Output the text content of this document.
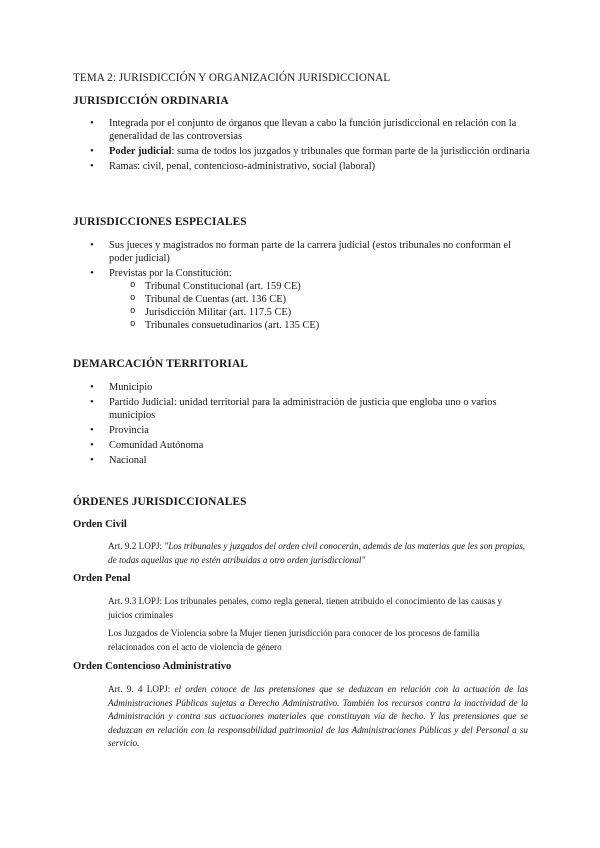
TEMA 2: JURISDICCIÓN Y ORGANIZACIÓN JURISDICCIONAL
JURISDICCIÓN ORDINARIA
• Integrada por el conjunto de órganos que llevan a cabo la función jurisdiccional en relación con la generalidad de las controversias
• Poder judicial: suma de todos los juzgados y tribunales que forman parte de la jurisdicción ordinaria
• Ramas: civil, penal, contencioso-administrativo, social (laboral)
JURISDICCIONES ESPECIALES
• Sus jueces y magistrados no forman parte de la carrera judicial (estos tribunales no conforman el poder judicial)
• Previstas por la Constitución:
o Tribunal Constitucional (art. 159 CE)
o Tribunal de Cuentas (art. 136 CE)
o Jurisdicción Militar (art. 117.5 CE)
o Tribunales consuetudinarios (art. 135 CE)
DEMARCACIÓN TERRITORIAL
• Municipio
• Partido Judicial: unidad territorial para la administración de justicia que engloba uno o varios municipios
• Provincia
• Comunidad Autónoma
• Nacional
ÓRDENES JURISDICCIONALES
Orden Civil
Art. 9.2 LOPJ: "Los tribunales y juzgados del orden civil conocerán, además de las materias que les son propias, de todas aquellas que no estén atribuidas a otro orden jurisdiccional"
Orden Penal
Art. 9.3 LOPJ: Los tribunales penales, como regla general, tienen atribuido el conocimiento de las causas y juicios criminales
Los Juzgados de Violencia sobre la Mujer tienen jurisdicción para conocer de los procesos de familia relacionados con el acto de violencia de género
Orden Contencioso Administrativo
Art. 9. 4 LOPJ: el orden conoce de las pretensiones que se deduzcan en relación con la actuación de las Administraciones Públicas sujetas a Derecho Administrativo. También los recursos contra la inactividad de la Administración y contra sus actuaciones materiales que constituyan vía de hecho. Y las pretensiones que se deduzcan en relación con la responsabilidad patrimonial de las Administraciones Públicas y del Personal a su servicio.
